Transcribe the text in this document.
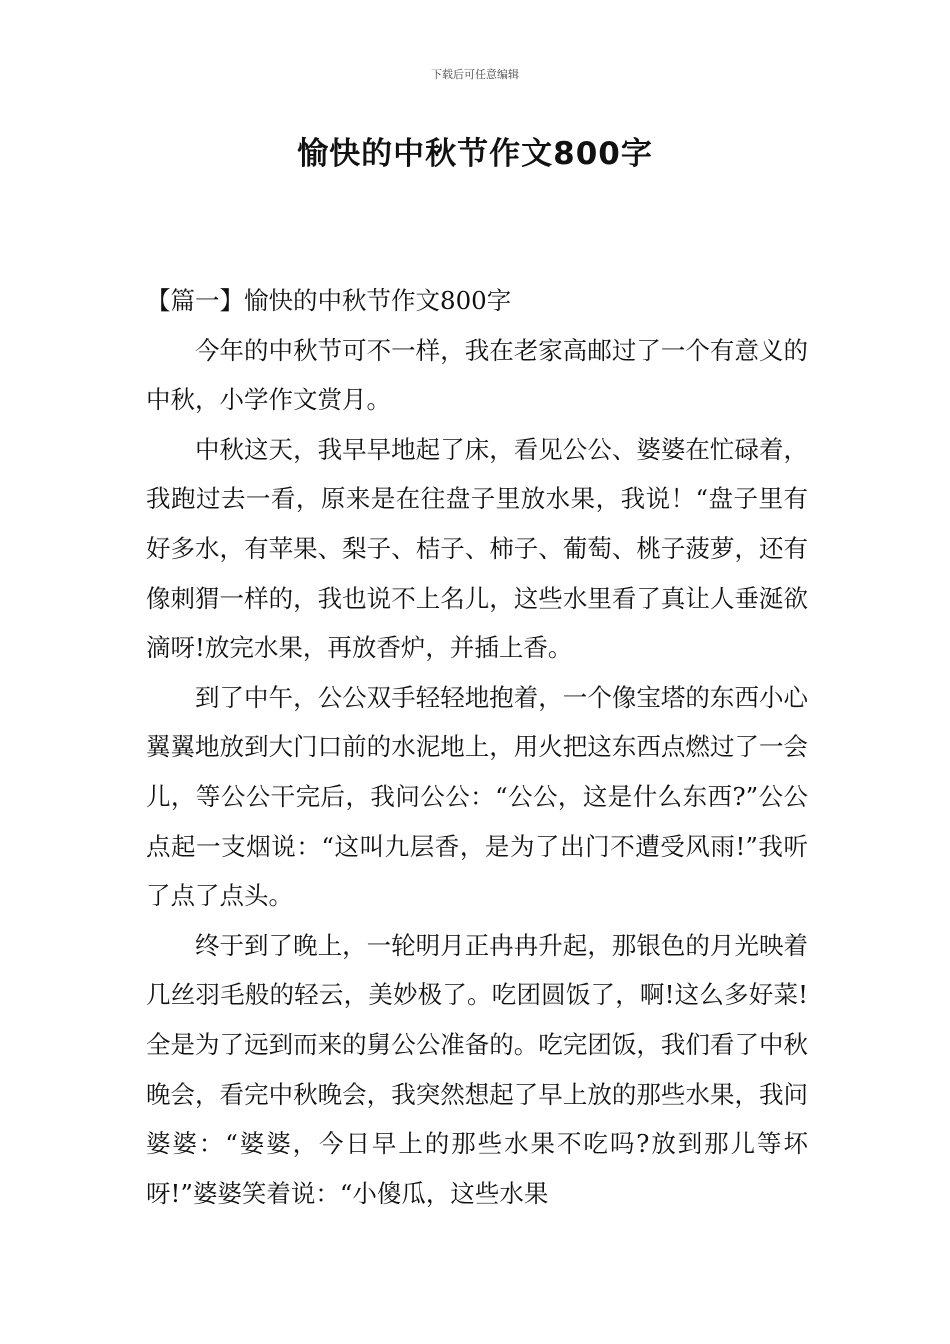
下载后可任意编辑
愉快的中秋节作文800字

【篇一】愉快的中秋节作文800字

今年的中秋节可不一样，我在老家高邮过了一个有意义的中秋，小学作文赏月。

中秋这天，我早早地起了床，看见公公、婆婆在忙碌着，我跑过去一看，原来是在往盘子里放水果，我说！“盘子里有好多水，有苹果、梨子、桔子、柿子、葡萄、桃子菠萝，还有像刺猬一样的，我也说不上名儿，这些水里看了真让人垂涎欲滴呀!放完水果，再放香炉，并插上香。

到了中午，公公双手轻轻地抱着，一个像宝塔的东西小心翼翼地放到大门口前的水泥地上，用火把这东西点燃过了一会儿，等公公干完后，我问公公：“公公，这是什么东西?”公公点起一支烟说：“这叫九层香，是为了出门不遭受风雨!”我听了点了点头。

终于到了晚上，一轮明月正冉冉升起，那银色的月光映着几丝羽毛般的轻云，美妙极了。吃团圆饭了，啊!这么多好菜!全是为了远到而来的舅公公准备的。吃完团饭，我们看了中秋晚会，看完中秋晚会，我突然想起了早上放的那些水果，我问婆婆：“婆婆，今日早上的那些水果不吃吗?放到那儿等坏呀!”婆婆笑着说：“小傻瓜，这些水果
